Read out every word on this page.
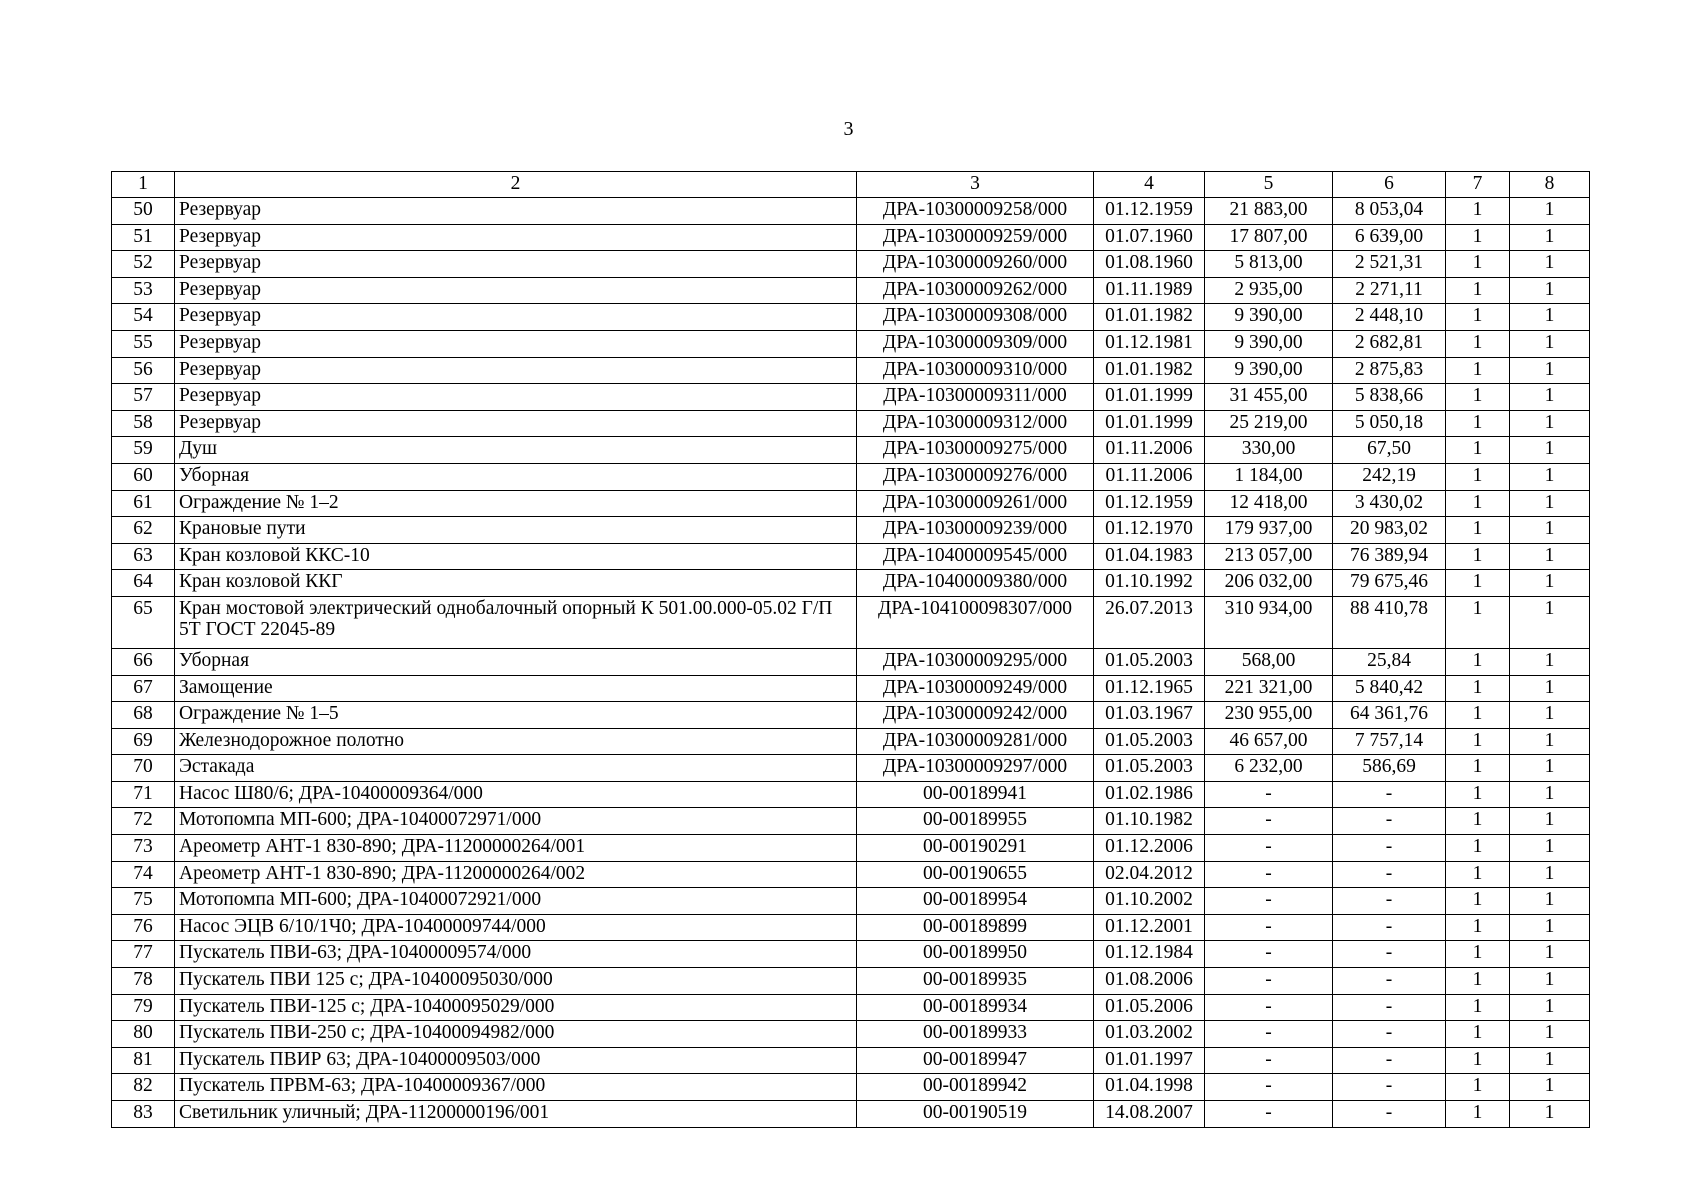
3
1	2	3	4	5	6	7	8
50	Резервуар	ДРА-10300009258/000	01.12.1959	21 883,00	8 053,04	1	1
51	Резервуар	ДРА-10300009259/000	01.07.1960	17 807,00	6 639,00	1	1
52	Резервуар	ДРА-10300009260/000	01.08.1960	5 813,00	2 521,31	1	1
53	Резервуар	ДРА-10300009262/000	01.11.1989	2 935,00	2 271,11	1	1
54	Резервуар	ДРА-10300009308/000	01.01.1982	9 390,00	2 448,10	1	1
55	Резервуар	ДРА-10300009309/000	01.12.1981	9 390,00	2 682,81	1	1
56	Резервуар	ДРА-10300009310/000	01.01.1982	9 390,00	2 875,83	1	1
57	Резервуар	ДРА-10300009311/000	01.01.1999	31 455,00	5 838,66	1	1
58	Резервуар	ДРА-10300009312/000	01.01.1999	25 219,00	5 050,18	1	1
59	Душ	ДРА-10300009275/000	01.11.2006	330,00	67,50	1	1
60	Уборная	ДРА-10300009276/000	01.11.2006	1 184,00	242,19	1	1
61	Ограждение № 1–2	ДРА-10300009261/000	01.12.1959	12 418,00	3 430,02	1	1
62	Крановые пути	ДРА-10300009239/000	01.12.1970	179 937,00	20 983,02	1	1
63	Кран козловой ККС-10	ДРА-10400009545/000	01.04.1983	213 057,00	76 389,94	1	1
64	Кран козловой ККГ	ДРА-10400009380/000	01.10.1992	206 032,00	79 675,46	1	1
65	Кран мостовой электрический однобалочный опорный К 501.00.000-05.02 Г/П 5Т ГОСТ 22045-89	ДРА-104100098307/000	26.07.2013	310 934,00	88 410,78	1	1
66	Уборная	ДРА-10300009295/000	01.05.2003	568,00	25,84	1	1
67	Замощение	ДРА-10300009249/000	01.12.1965	221 321,00	5 840,42	1	1
68	Ограждение № 1–5	ДРА-10300009242/000	01.03.1967	230 955,00	64 361,76	1	1
69	Железнодорожное полотно	ДРА-10300009281/000	01.05.2003	46 657,00	7 757,14	1	1
70	Эстакада	ДРА-10300009297/000	01.05.2003	6 232,00	586,69	1	1
71	Насос Ш80/6; ДРА-10400009364/000	00-00189941	01.02.1986	-	-	1	1
72	Мотопомпа МП-600; ДРА-10400072971/000	00-00189955	01.10.1982	-	-	1	1
73	Ареометр АНТ-1 830-890; ДРА-11200000264/001	00-00190291	01.12.2006	-	-	1	1
74	Ареометр АНТ-1 830-890; ДРА-11200000264/002	00-00190655	02.04.2012	-	-	1	1
75	Мотопомпа МП-600; ДРА-10400072921/000	00-00189954	01.10.2002	-	-	1	1
76	Насос ЭЦВ 6/10/1Ч0; ДРА-10400009744/000	00-00189899	01.12.2001	-	-	1	1
77	Пускатель ПВИ-63; ДРА-10400009574/000	00-00189950	01.12.1984	-	-	1	1
78	Пускатель ПВИ 125 с; ДРА-10400095030/000	00-00189935	01.08.2006	-	-	1	1
79	Пускатель ПВИ-125 с; ДРА-10400095029/000	00-00189934	01.05.2006	-	-	1	1
80	Пускатель ПВИ-250 с; ДРА-10400094982/000	00-00189933	01.03.2002	-	-	1	1
81	Пускатель ПВИР 63; ДРА-10400009503/000	00-00189947	01.01.1997	-	-	1	1
82	Пускатель ПРВМ-63; ДРА-10400009367/000	00-00189942	01.04.1998	-	-	1	1
83	Светильник уличный; ДРА-11200000196/001	00-00190519	14.08.2007	-	-	1	1
